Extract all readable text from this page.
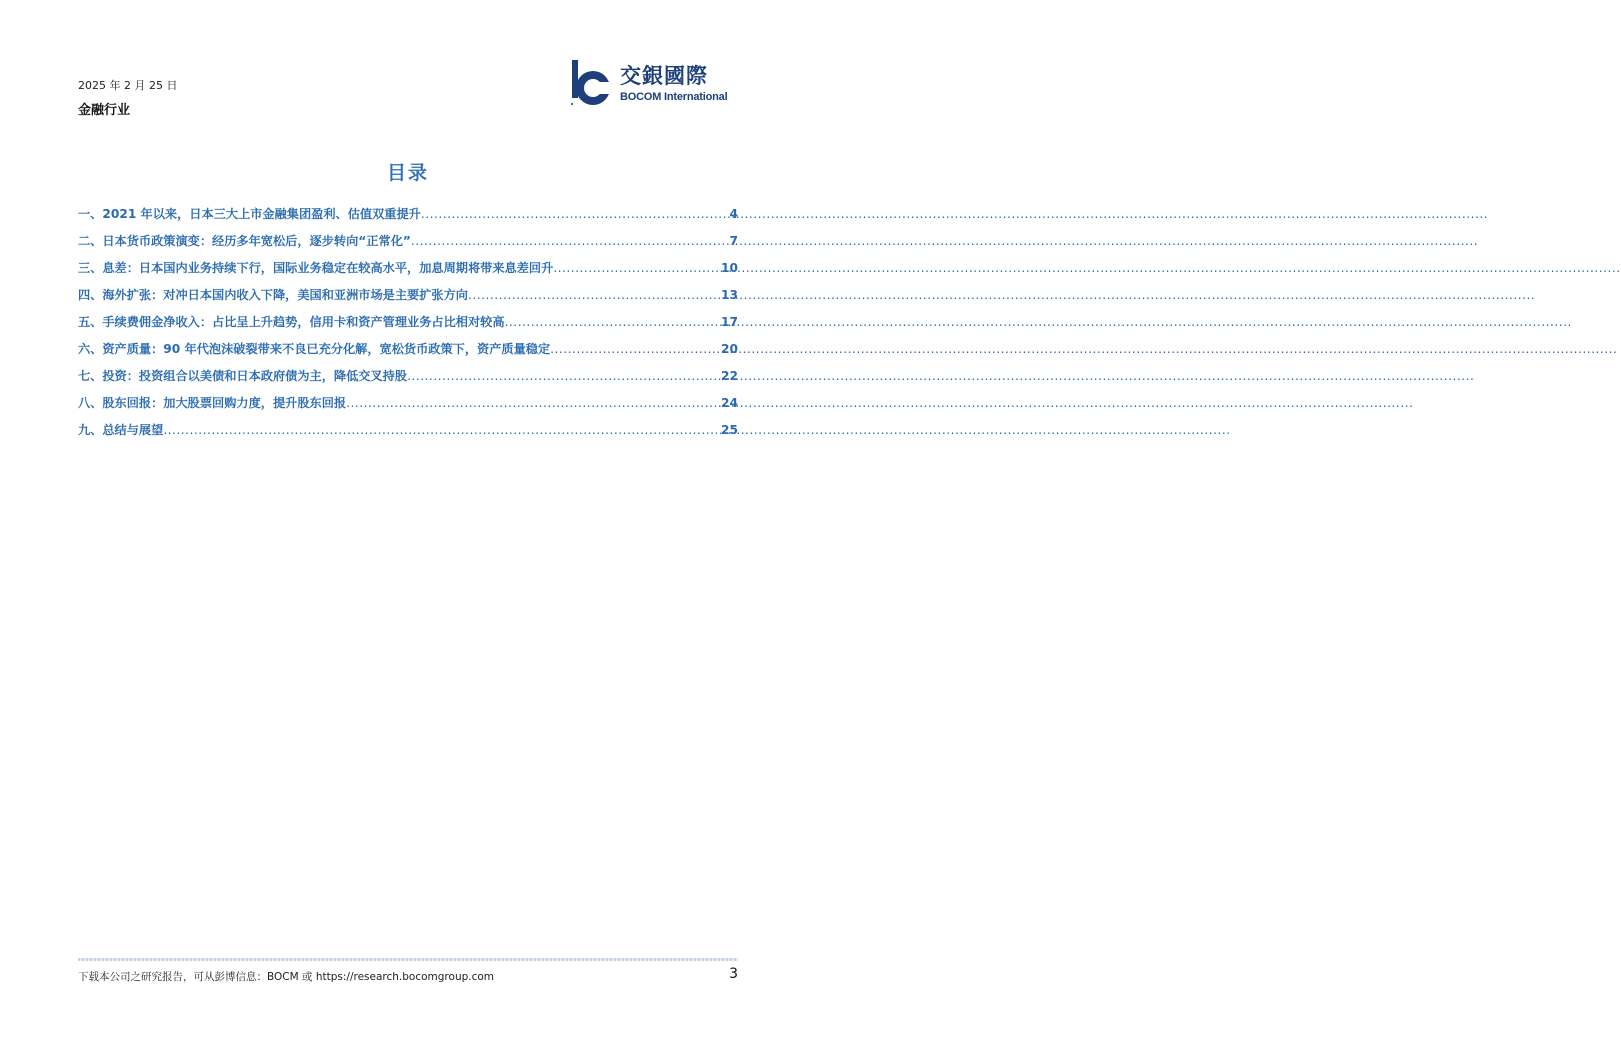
2025 年 2 月 25 日
金融行业
交銀國際
BOCOM International
目录
一、2021 年以来，日本三大上市金融集团盈利、估值双重提升 .....	4
二、日本货币政策演变：经历多年宽松后，逐步转向“正常化” .....	7
三、息差：日本国内业务持续下行，国际业务稳定在较高水平，加息周期将带来息差回升 .....	10
四、海外扩张：对冲日本国内收入下降，美国和亚洲市场是主要扩张方向 .....	13
五、手续费佣金净收入：占比呈上升趋势，信用卡和资产管理业务占比相对较高 .....	17
六、资产质量：90 年代泡沫破裂带来不良已充分化解，宽松货币政策下，资产质量稳定 .....	20
七、投资：投资组合以美债和日本政府债为主，降低交叉持股 .....	22
八、股东回报：加大股票回购力度，提升股东回报 .....	24
九、总结与展望 .....	25
下载本公司之研究报告，可从彭博信息：BOCM 或 https://research.bocomgroup.com	3
